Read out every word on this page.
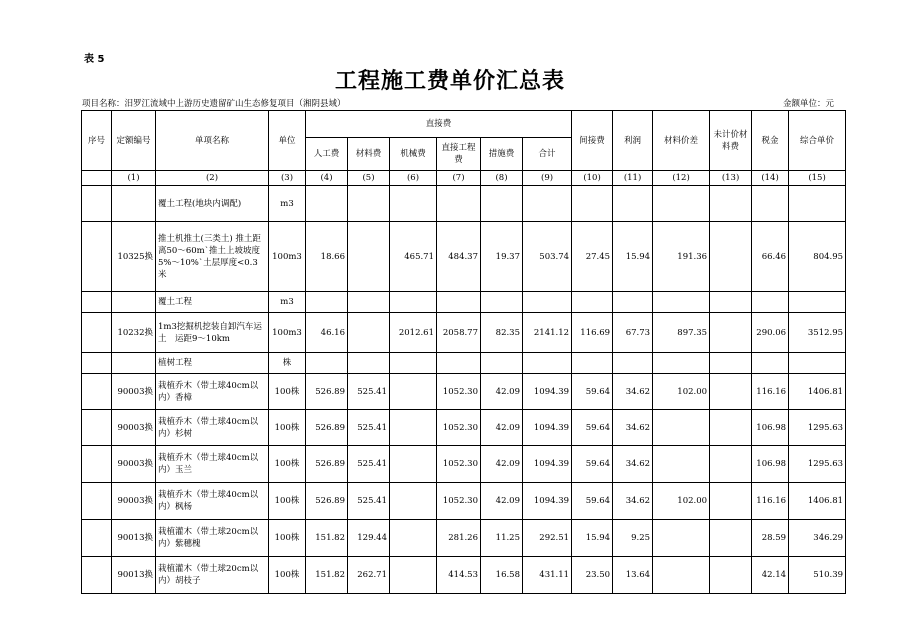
表 5
工程施工费单价汇总表
项目名称：汨罗江流域中上游历史遗留矿山生态修复项目（湘阴县域）	金额单位：元
序号	定额编号	单项名称	单位	直接费						间接费	利润	材料价差	未计价材料费	税金	综合单价
				人工费	材料费	机械费	直接工程费	措施费	合计						
	(1)	(2)	(3)	(4)	(5)	(6)	(7)	(8)	(9)	(10)	(11)	(12)	(13)	(14)	(15)
		覆土工程(地块内调配)	m3												
	10325换	推土机推土(三类土) 推土距离50～60m`推土上坡坡度5%～10%`土层厚度<0.3米	100m3	18.66		465.71	484.37	19.37	503.74	27.45	15.94	191.36		66.46	804.95
		覆土工程	m3												
	10232换	1m3挖掘机挖装自卸汽车运土　运距9～10km	100m3	46.16		2012.61	2058.77	82.35	2141.12	116.69	67.73	897.35		290.06	3512.95
		植树工程	株												
	90003换	栽植乔木（带土球40cm以内）香樟	100株	526.89	525.41		1052.30	42.09	1094.39	59.64	34.62	102.00		116.16	1406.81
	90003换	栽植乔木（带土球40cm以内）杉树	100株	526.89	525.41		1052.30	42.09	1094.39	59.64	34.62			106.98	1295.63
	90003换	栽植乔木（带土球40cm以内）玉兰	100株	526.89	525.41		1052.30	42.09	1094.39	59.64	34.62			106.98	1295.63
	90003换	栽植乔木（带土球40cm以内）枫杨	100株	526.89	525.41		1052.30	42.09	1094.39	59.64	34.62	102.00		116.16	1406.81
	90013换	栽植灌木（带土球20cm以内）紫穗槐	100株	151.82	129.44		281.26	11.25	292.51	15.94	9.25			28.59	346.29
	90013换	栽植灌木（带土球20cm以内）胡枝子	100株	151.82	262.71		414.53	16.58	431.11	23.50	13.64			42.14	510.39
